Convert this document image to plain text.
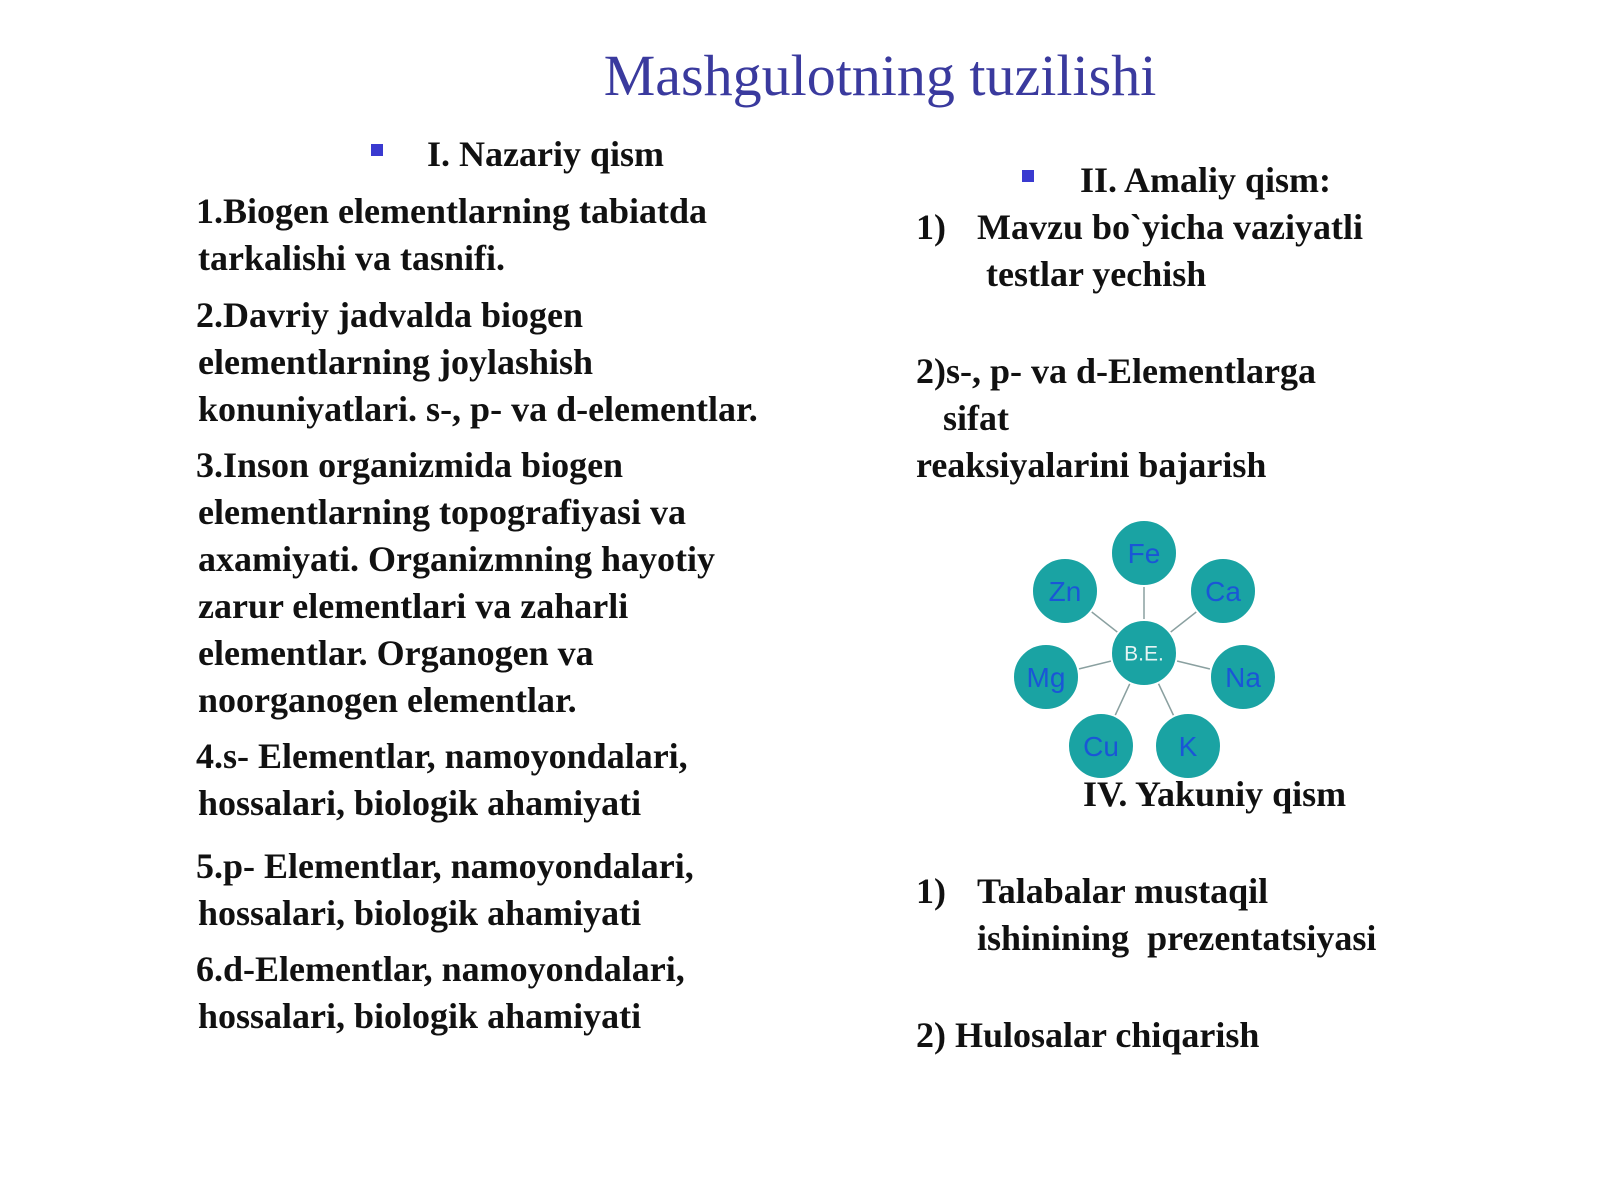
Mashgulotning tuzilishi
I. Nazariy qism
1.Biogen elementlarning tabiatda
tarkalishi va tasnifi.
2.Davriy jadvalda biogen
elementlarning joylashish
konuniyatlari. s-, p- va d-elementlar.
3.Inson organizmida biogen
elementlarning topografiyasi va
axamiyati. Organizmning hayotiy
zarur elementlari va zaharli
elementlar. Organogen va
noorganogen elementlar.
4.s- Elementlar, namoyondalari,
hossalari, biologik ahamiyati
5.p- Elementlar, namoyondalari,
hossalari, biologik ahamiyati
6.d-Elementlar, namoyondalari,
hossalari, biologik ahamiyati
II. Amaliy qism:
1) Mavzu bo`yicha vaziyatli
testlar yechish
2)s-, p- va d-Elementlarga
sifat
reaksiyalarini bajarish
B.E.
Fe
Ca
Na
K
Cu
Mg
Zn
IV. Yakuniy qism
1) Talabalar mustaqil
ishinining  prezentatsiyasi
2) Hulosalar chiqarish
